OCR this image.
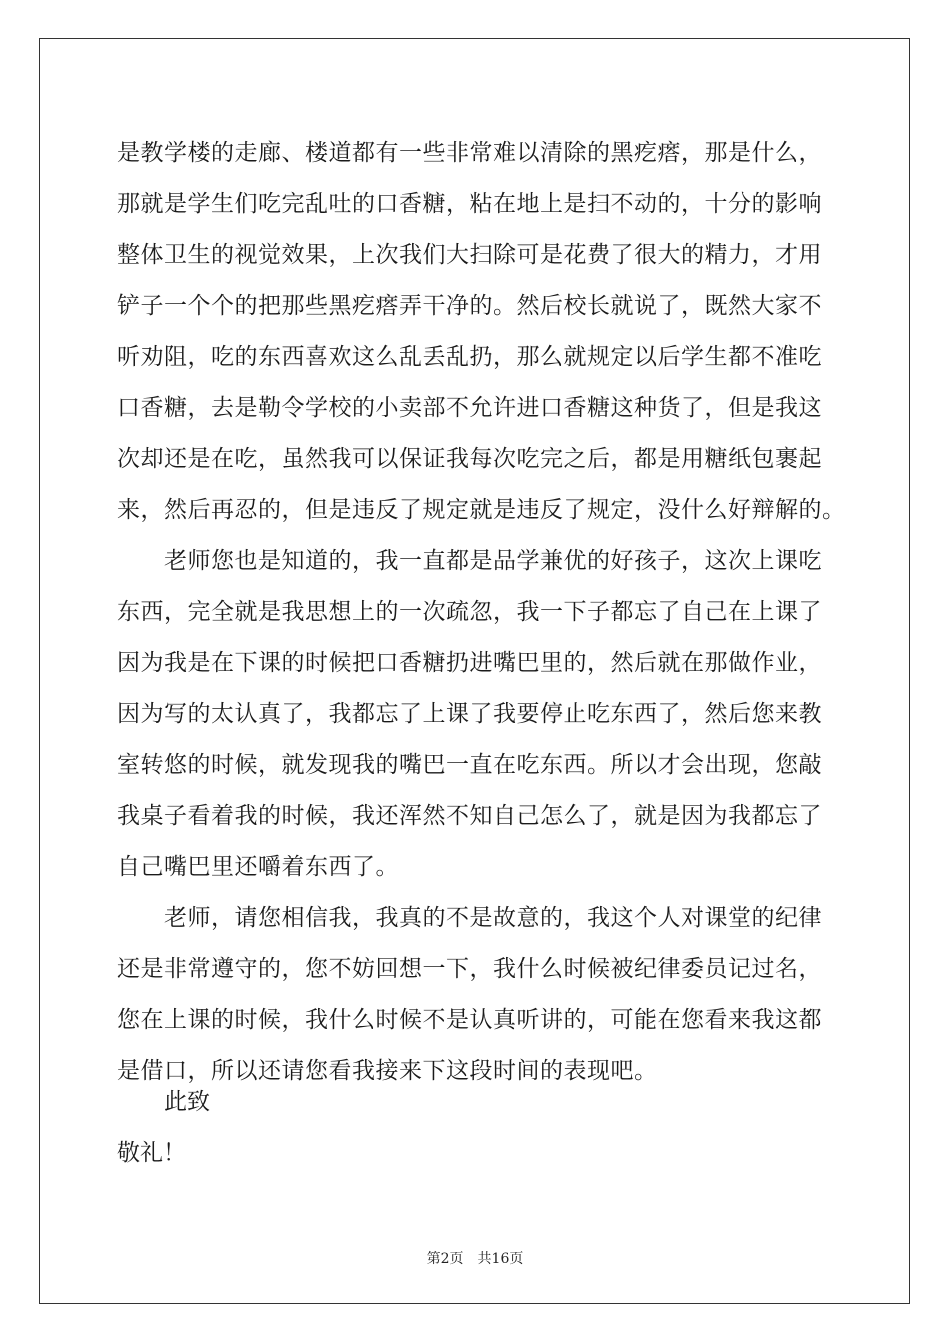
是教学楼的走廊、楼道都有一些非常难以清除的黑疙瘩，那是什么，
那就是学生们吃完乱吐的口香糖，粘在地上是扫不动的，十分的影响
整体卫生的视觉效果，上次我们大扫除可是花费了很大的精力，才用
铲子一个个的把那些黑疙瘩弄干净的。然后校长就说了，既然大家不
听劝阻，吃的东西喜欢这么乱丢乱扔，那么就规定以后学生都不准吃
口香糖，去是勒令学校的小卖部不允许进口香糖这种货了，但是我这
次却还是在吃，虽然我可以保证我每次吃完之后，都是用糖纸包裹起
来，然后再忍的，但是违反了规定就是违反了规定，没什么好辩解的。
老师您也是知道的，我一直都是品学兼优的好孩子，这次上课吃
东西，完全就是我思想上的一次疏忽，我一下子都忘了自己在上课了
因为我是在下课的时候把口香糖扔进嘴巴里的，然后就在那做作业，
因为写的太认真了，我都忘了上课了我要停止吃东西了，然后您来教
室转悠的时候，就发现我的嘴巴一直在吃东西。所以才会出现，您敲
我桌子看着我的时候，我还浑然不知自己怎么了，就是因为我都忘了
自己嘴巴里还嚼着东西了。
老师，请您相信我，我真的不是故意的，我这个人对课堂的纪律
还是非常遵守的，您不妨回想一下，我什么时候被纪律委员记过名，
您在上课的时候，我什么时候不是认真听讲的，可能在您看来我这都
是借口，所以还请您看我接来下这段时间的表现吧。
此致
敬礼！
第2页　共16页
